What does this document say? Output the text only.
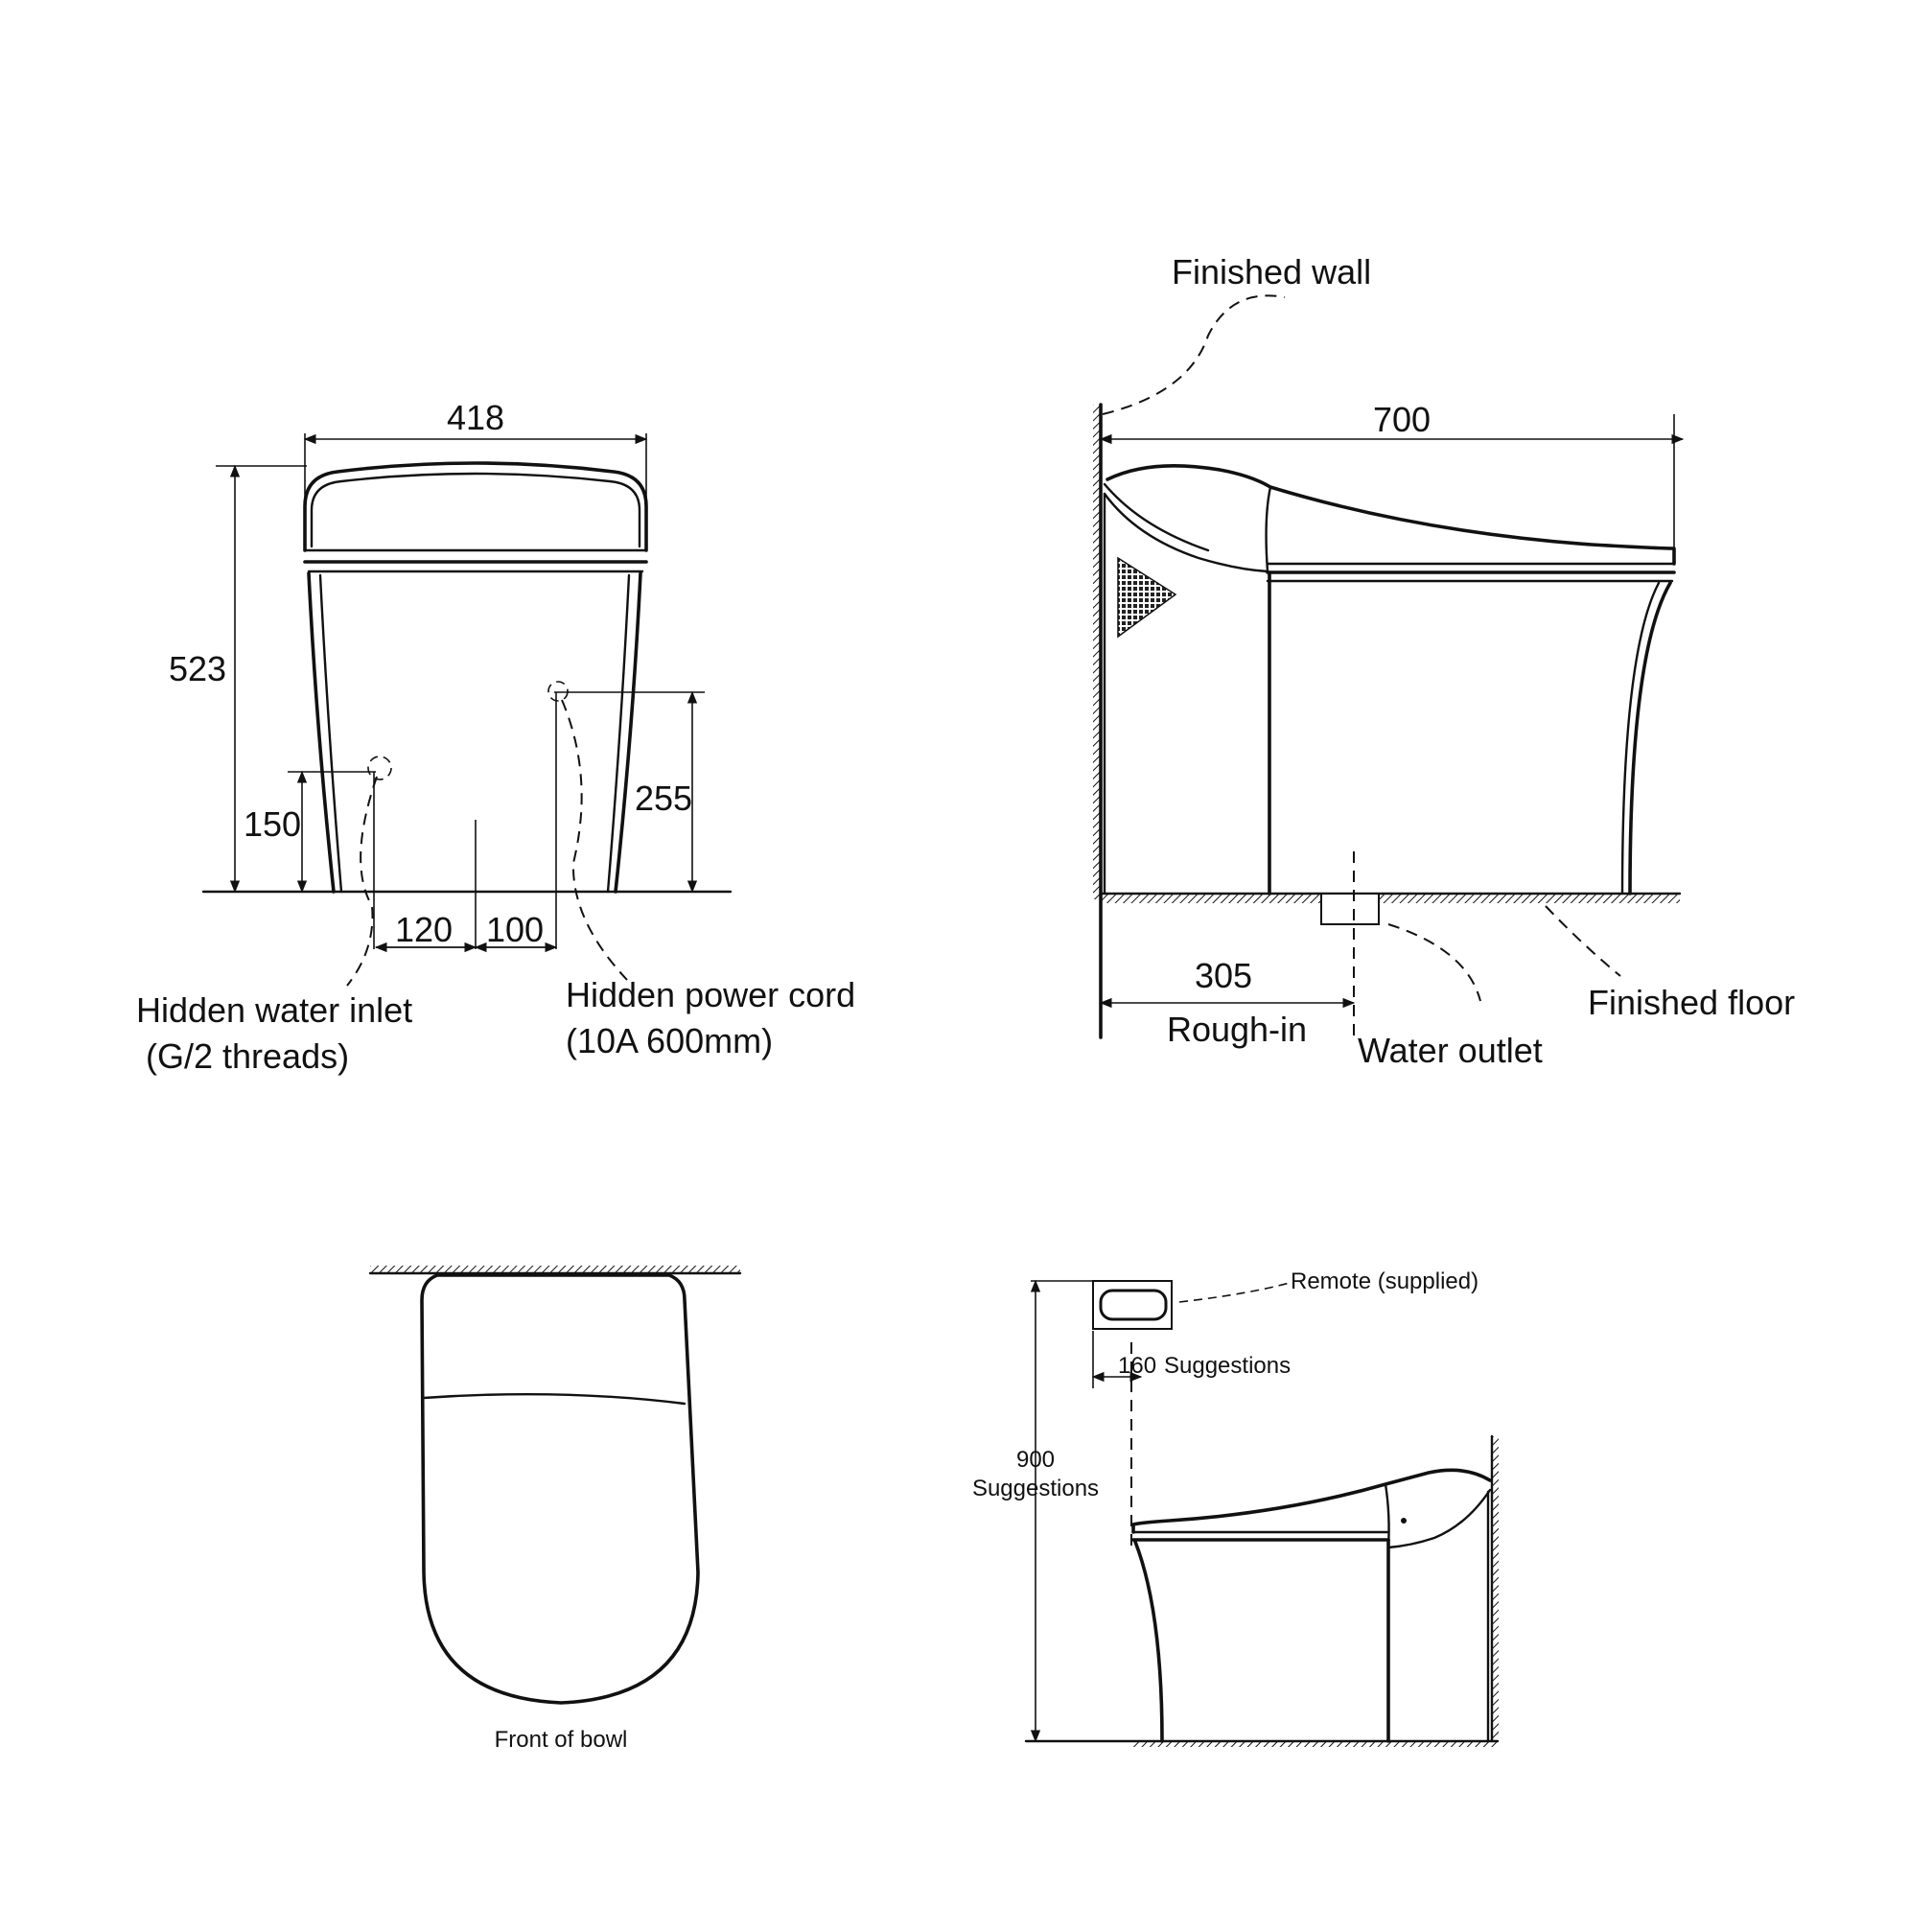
523
418
150
255
120 100
Hidden water inlet
(G/2 threads)
Hidden power cord
(10A 600mm)
700
305
Rough-in
Finished wall
Water outlet
Finished floor
Front of bowl
Remote (supplied)
160 Suggestions
900
Suggestions
